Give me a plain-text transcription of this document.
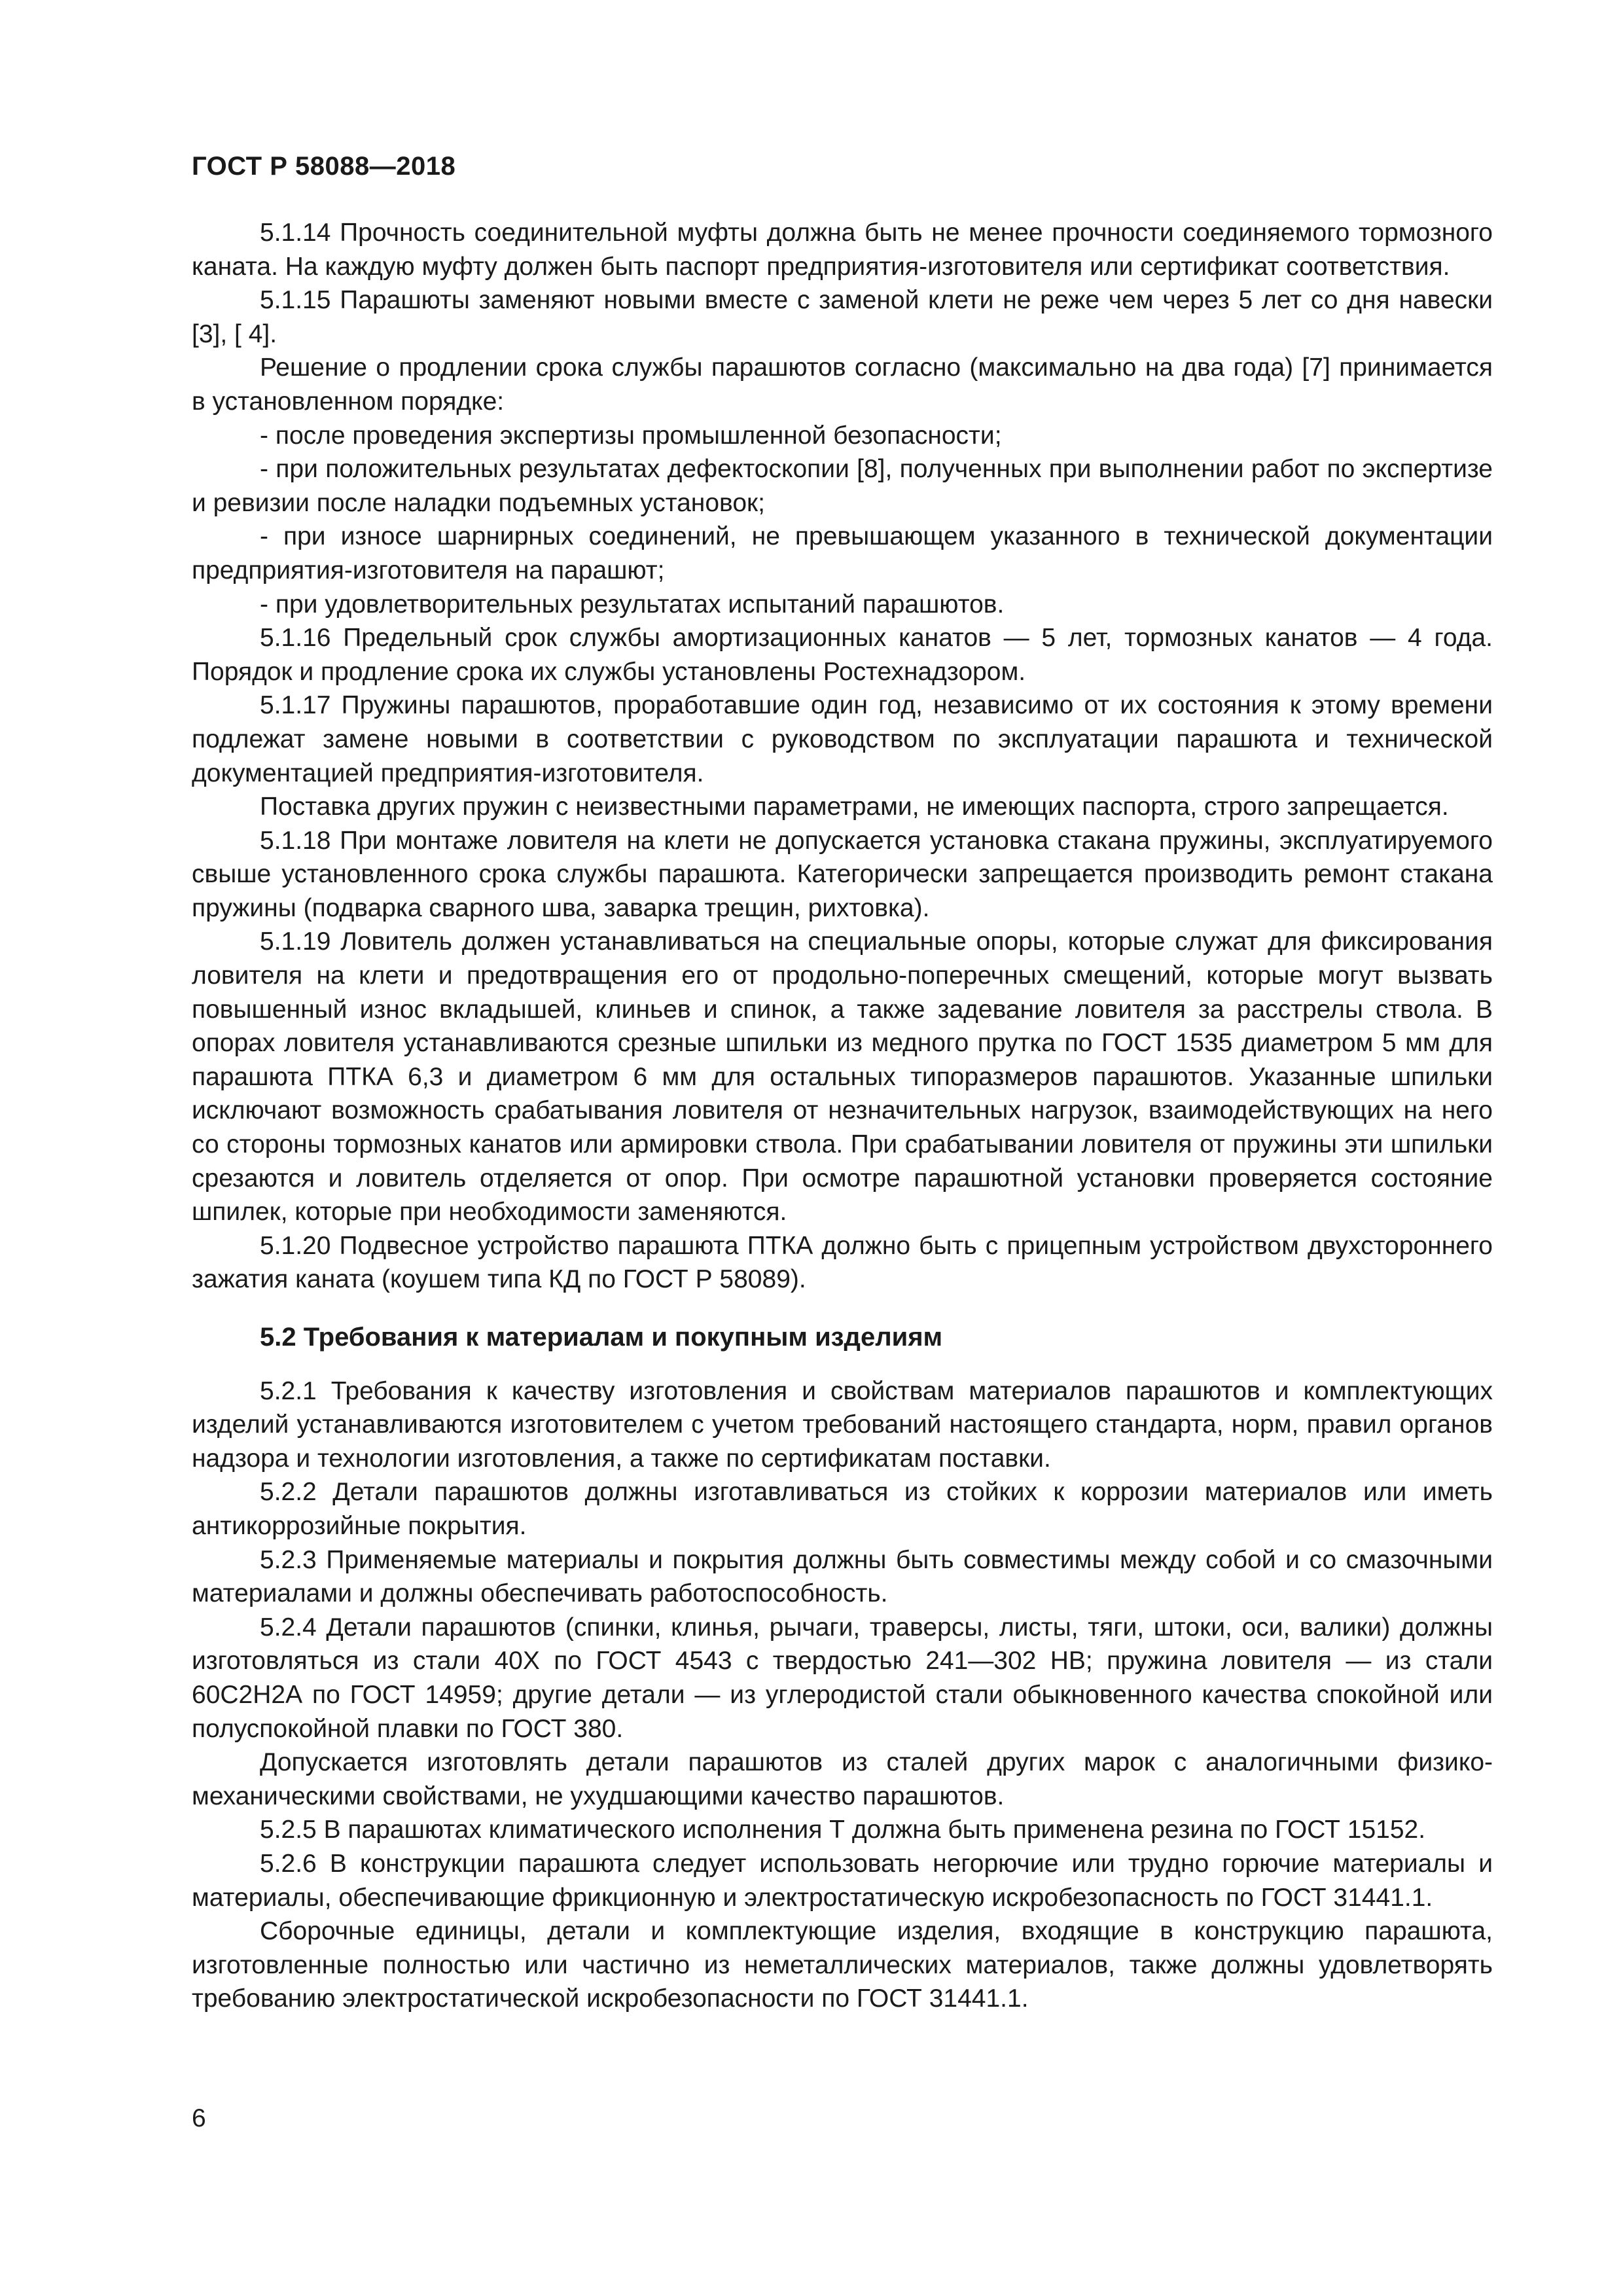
ГОСТ Р 58088—2018

5.1.14 Прочность соединительной муфты должна быть не менее прочности соединяемого тормозного каната. На каждую муфту должен быть паспорт предприятия-изготовителя или сертификат соответствия.

5.1.15 Парашюты заменяют новыми вместе с заменой клети не реже чем через 5 лет со дня навески [3], [ 4].

Решение о продлении срока службы парашютов согласно (максимально на два года) [7] принимается в установленном порядке:

- после проведения экспертизы промышленной безопасности;

- при положительных результатах дефектоскопии [8], полученных при выполнении работ по экспертизе и ревизии после наладки подъемных установок;

- при износе шарнирных соединений, не превышающем указанного в технической документации предприятия-изготовителя на парашют;

- при удовлетворительных результатах испытаний парашютов.

5.1.16 Предельный срок службы амортизационных канатов — 5 лет, тормозных канатов — 4 года. Порядок и продление срока их службы установлены Ростехнадзором.

5.1.17 Пружины парашютов, проработавшие один год, независимо от их состояния к этому времени подлежат замене новыми в соответствии с руководством по эксплуатации парашюта и технической документацией предприятия-изготовителя.

Поставка других пружин с неизвестными параметрами, не имеющих паспорта, строго запрещается.

5.1.18 При монтаже ловителя на клети не допускается установка стакана пружины, эксплуатируемого свыше установленного срока службы парашюта. Категорически запрещается производить ремонт стакана пружины (подварка сварного шва, заварка трещин, рихтовка).

5.1.19 Ловитель должен устанавливаться на специальные опоры, которые служат для фиксирования ловителя на клети и предотвращения его от продольно-поперечных смещений, которые могут вызвать повышенный износ вкладышей, клиньев и спинок, а также задевание ловителя за расстрелы ствола. В опорах ловителя устанавливаются срезные шпильки из медного прутка по ГОСТ 1535 диаметром 5 мм для парашюта ПТКА 6,3 и диаметром 6 мм для остальных типоразмеров парашютов. Указанные шпильки исключают возможность срабатывания ловителя от незначительных нагрузок, взаимодействующих на него со стороны тормозных канатов или армировки ствола. При срабатывании ловителя от пружины эти шпильки срезаются и ловитель отделяется от опор. При осмотре парашютной установки проверяется состояние шпилек, которые при необходимости заменяются.

5.1.20 Подвесное устройство парашюта ПТКА должно быть с прицепным устройством двухстороннего зажатия каната (коушем типа КД по ГОСТ Р 58089).

5.2 Требования к материалам и покупным изделиям

5.2.1 Требования к качеству изготовления и свойствам материалов парашютов и комплектующих изделий устанавливаются изготовителем с учетом требований настоящего стандарта, норм, правил органов надзора и технологии изготовления, а также по сертификатам поставки.

5.2.2 Детали парашютов должны изготавливаться из стойких к коррозии материалов или иметь антикоррозийные покрытия.

5.2.3 Применяемые материалы и покрытия должны быть совместимы между собой и со смазочными материалами и должны обеспечивать работоспособность.

5.2.4 Детали парашютов (спинки, клинья, рычаги, траверсы, листы, тяги, штоки, оси, валики) должны изготовляться из стали 40Х по ГОСТ 4543 с твердостью 241—302 НВ; пружина ловителя — из стали 60С2Н2А по ГОСТ 14959; другие детали — из углеродистой стали обыкновенного качества спокойной или полуспокойной плавки по ГОСТ 380.

Допускается изготовлять детали парашютов из сталей других марок с аналогичными физико-механическими свойствами, не ухудшающими качество парашютов.

5.2.5 В парашютах климатического исполнения Т должна быть применена резина по ГОСТ 15152.

5.2.6 В конструкции парашюта следует использовать негорючие или трудно горючие материалы и материалы, обеспечивающие фрикционную и электростатическую искробезопасность по ГОСТ 31441.1.

Сборочные единицы, детали и комплектующие изделия, входящие в конструкцию парашюта, изготовленные полностью или частично из неметаллических материалов, также должны удовлетворять требованию электростатической искробезопасности по ГОСТ 31441.1.

6
